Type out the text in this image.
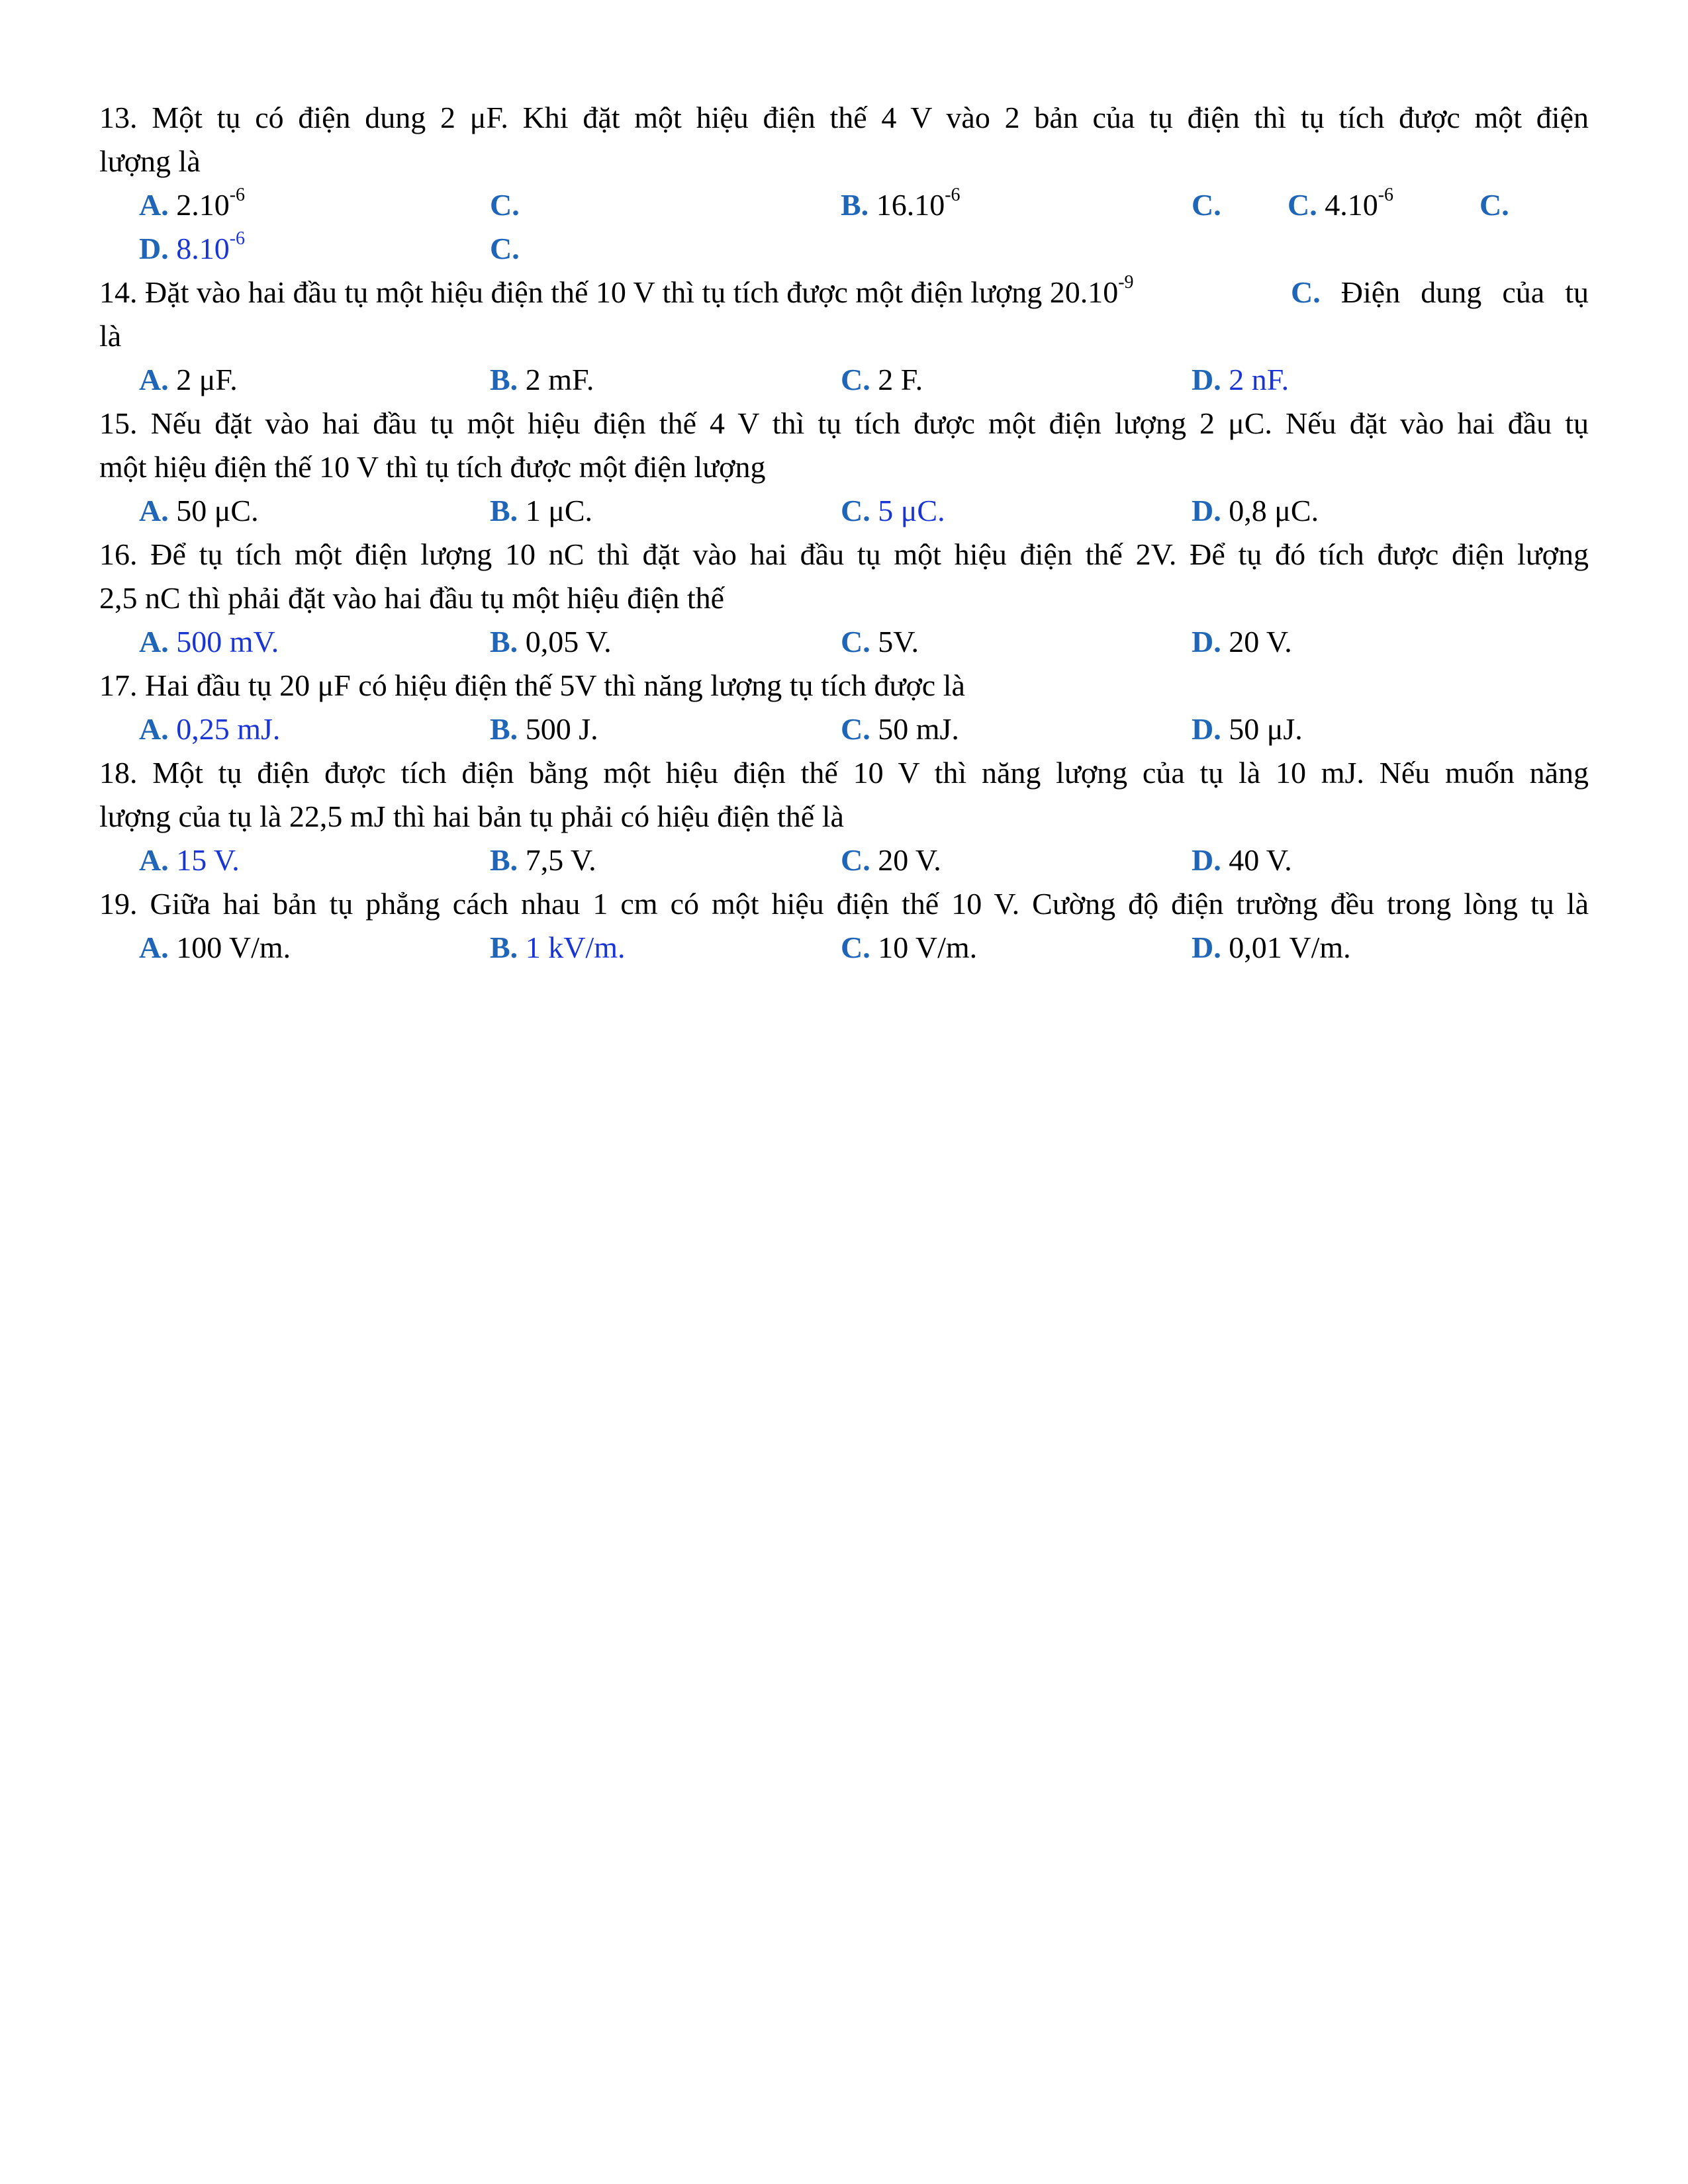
13. Một tụ có điện dung 2 μF. Khi đặt một hiệu điện thế 4 V vào 2 bản của tụ điện thì tụ tích được một điện
lượng là
A. $2.10^{-6}$	C.	B. $16.10^{-6}$	C. C. $4.10^{-6}$	C.
D. $8.10^{-6}$	C.
14. Đặt vào hai đầu tụ một hiệu điện thế 10 V thì tụ tích được một điện lượng $20.10^{-9}$	C. Điện dung của tụ
là
A. 2 μF.	B. 2 mF.	C. 2 F.	D. 2 nF.
15. Nếu đặt vào hai đầu tụ một hiệu điện thế 4 V thì tụ tích được một điện lượng 2 μC. Nếu đặt vào hai đầu tụ
một hiệu điện thế 10 V thì tụ tích được một điện lượng
A. 50 μC.	B. 1 μC.	C. 5 μC.	D. 0,8 μC.
16. Để tụ tích một điện lượng 10 nC thì đặt vào hai đầu tụ một hiệu điện thế 2V. Để tụ đó tích được điện lượng
2,5 nC thì phải đặt vào hai đầu tụ một hiệu điện thế
A. 500 mV.	B. 0,05 V.	C. 5V.	D. 20 V.
17. Hai đầu tụ 20 μF có hiệu điện thế 5V thì năng lượng tụ tích được là
A. 0,25 mJ.	B. 500 J.	C. 50 mJ.	D. 50 μJ.
18. Một tụ điện được tích điện bằng một hiệu điện thế 10 V thì năng lượng của tụ là 10 mJ. Nếu muốn năng
lượng của tụ là 22,5 mJ thì hai bản tụ phải có hiệu điện thế là
A. 15 V.	B. 7,5 V.	C. 20 V.	D. 40 V.
19. Giữa hai bản tụ phẳng cách nhau 1 cm có một hiệu điện thế 10 V. Cường độ điện trường đều trong lòng tụ là
A. 100 V/m.	B. 1 kV/m.	C. 10 V/m.	D. 0,01 V/m.
